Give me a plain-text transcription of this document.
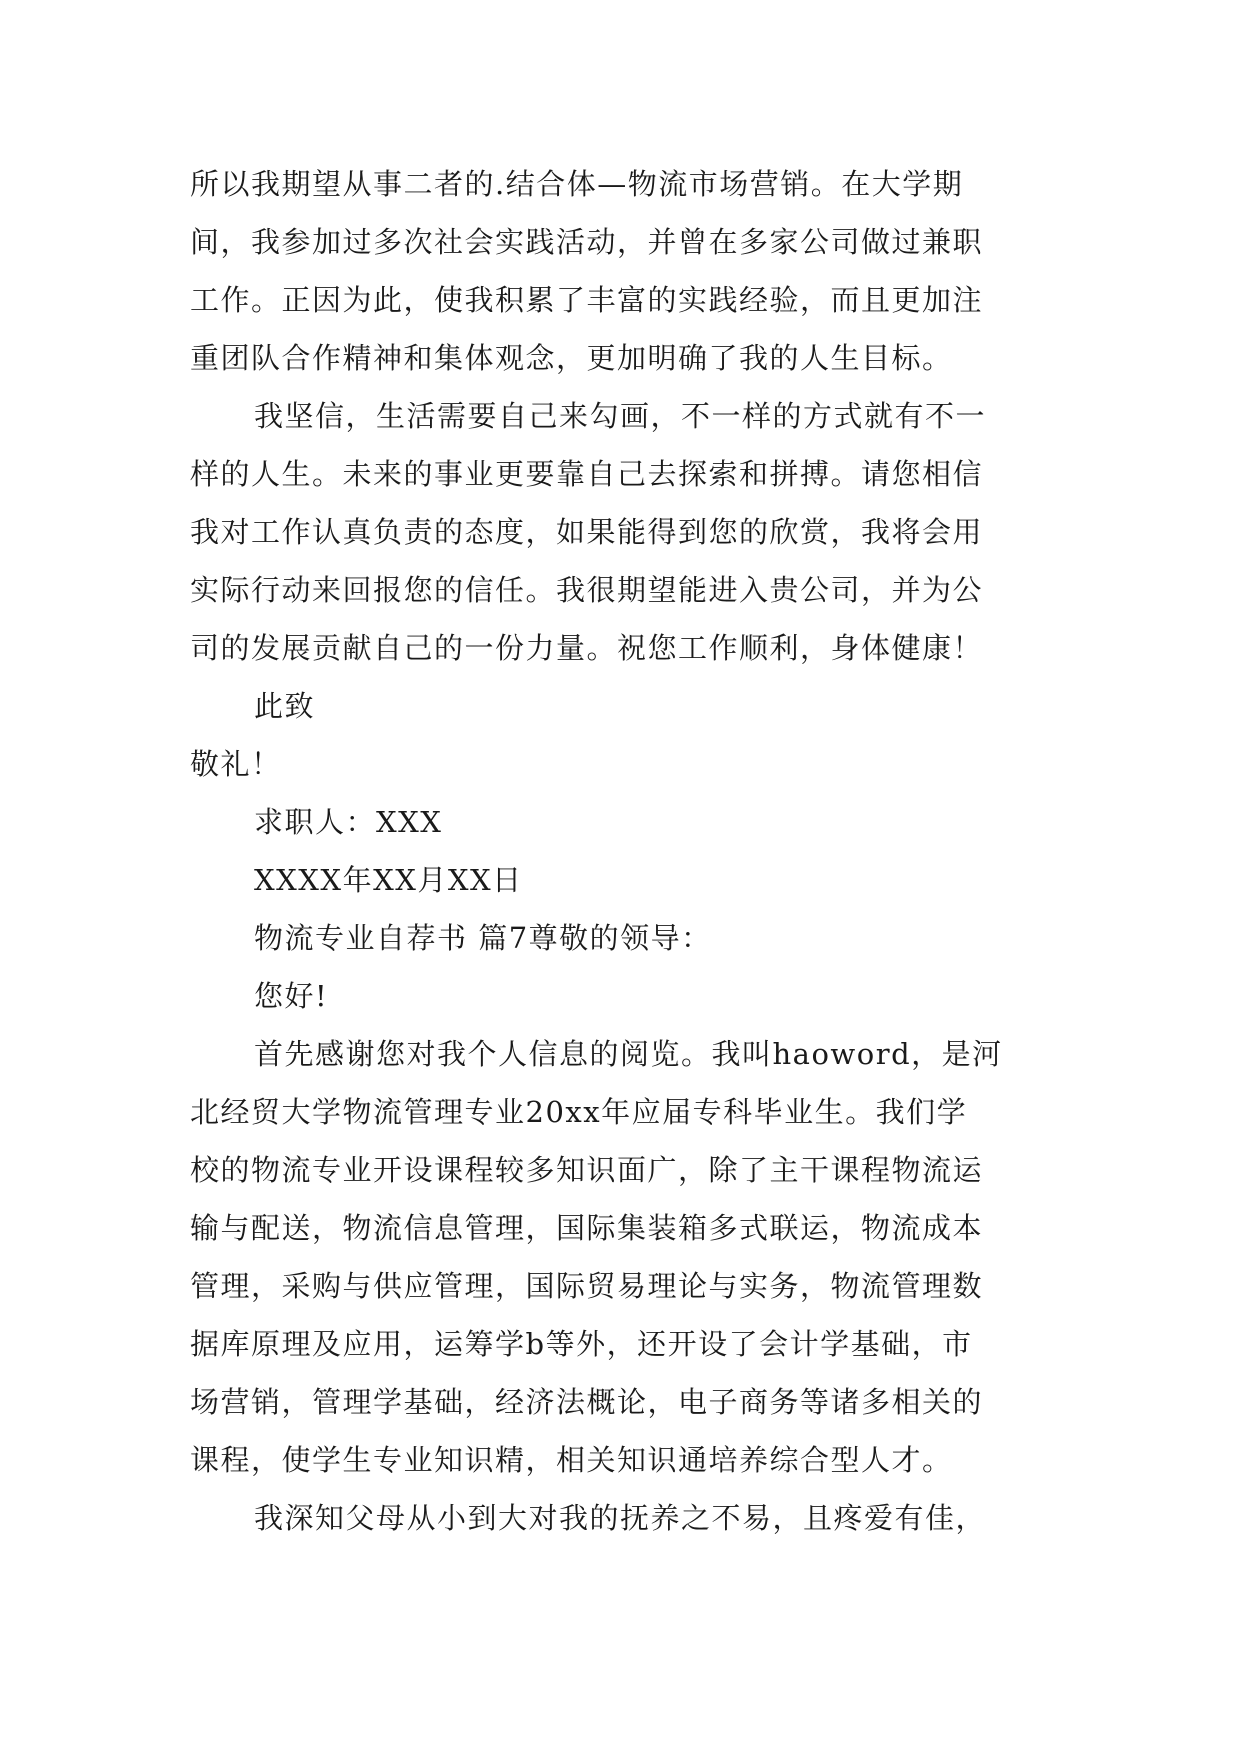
所以我期望从事二者的.结合体—物流市场营销。在大学期
间，我参加过多次社会实践活动，并曾在多家公司做过兼职
工作。正因为此，使我积累了丰富的实践经验，而且更加注
重团队合作精神和集体观念，更加明确了我的人生目标。
我坚信，生活需要自己来勾画，不一样的方式就有不一
样的人生。未来的事业更要靠自己去探索和拼搏。请您相信
我对工作认真负责的态度，如果能得到您的欣赏，我将会用
实际行动来回报您的信任。我很期望能进入贵公司，并为公
司的发展贡献自己的一份力量。祝您工作顺利，身体健康！
此致
敬礼！
求职人：XXX
XXXX年XX月XX日
物流专业自荐书 篇7尊敬的领导：
您好!
首先感谢您对我个人信息的阅览。我叫haoword，是河
北经贸大学物流管理专业20xx年应届专科毕业生。我们学
校的物流专业开设课程较多知识面广，除了主干课程物流运
输与配送，物流信息管理，国际集装箱多式联运，物流成本
管理，采购与供应管理，国际贸易理论与实务，物流管理数
据库原理及应用，运筹学b等外，还开设了会计学基础，市
场营销，管理学基础，经济法概论，电子商务等诸多相关的
课程，使学生专业知识精，相关知识通培养综合型人才。
我深知父母从小到大对我的抚养之不易，且疼爱有佳，
